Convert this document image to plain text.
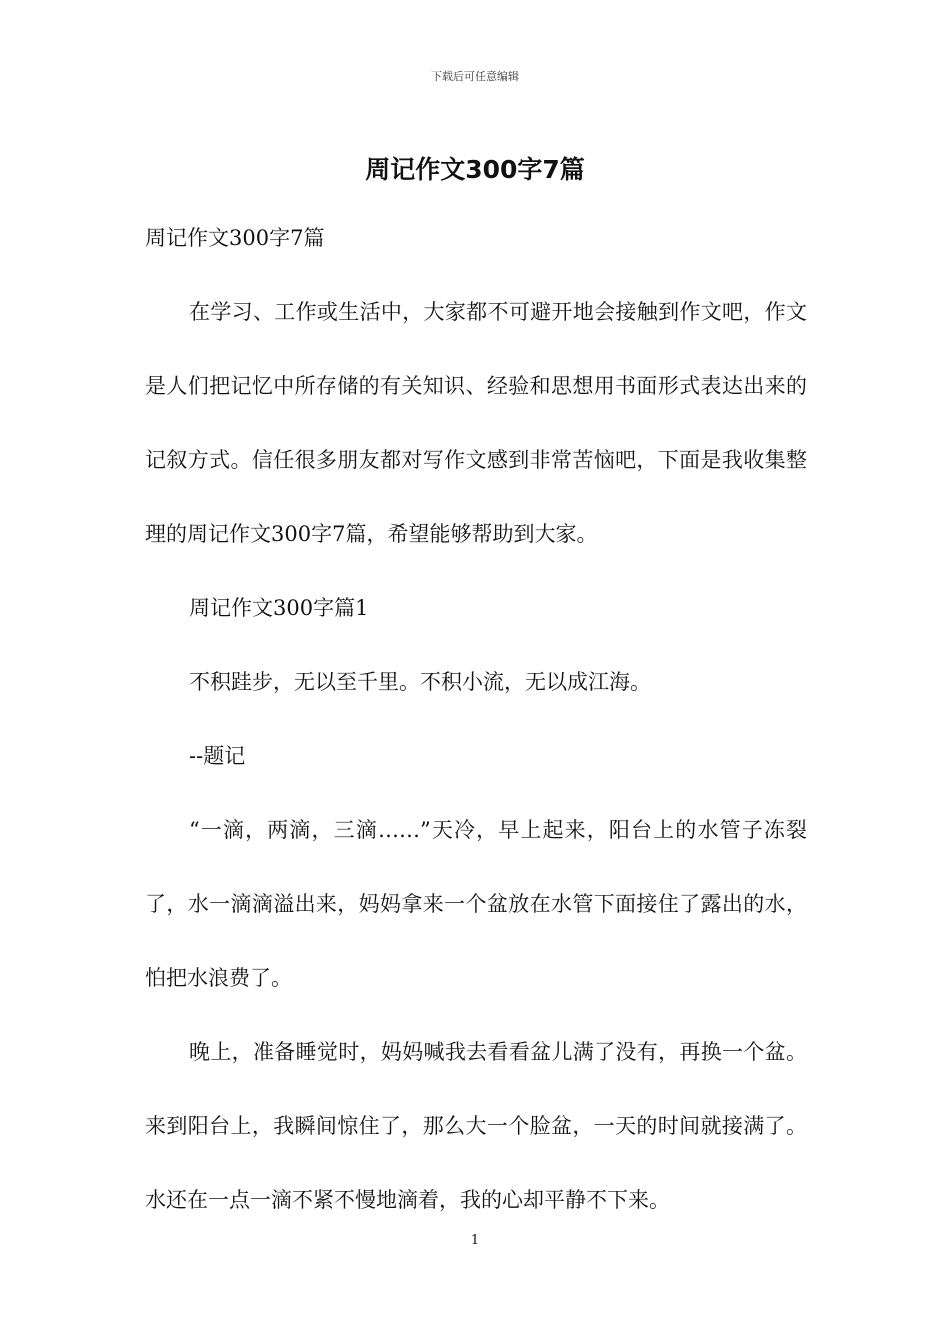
下载后可任意编辑
周记作文300字7篇

周记作文300字7篇

在学习、工作或生活中，大家都不可避开地会接触到作文吧，作文是人们把记忆中所存储的有关知识、经验和思想用书面形式表达出来的记叙方式。信任很多朋友都对写作文感到非常苦恼吧，下面是我收集整理的周记作文300字7篇，希望能够帮助到大家。

周记作文300字篇1

不积跬步，无以至千里。不积小流，无以成江海。

--题记

“一滴，两滴，三滴……”天冷，早上起来，阳台上的水管子冻裂了，水一滴滴溢出来，妈妈拿来一个盆放在水管下面接住了露出的水，怕把水浪费了。

晚上，准备睡觉时，妈妈喊我去看看盆儿满了没有，再换一个盆。来到阳台上，我瞬间惊住了，那么大一个脸盆，一天的时间就接满了。水还在一点一滴不紧不慢地滴着，我的心却平静不下来。

1
